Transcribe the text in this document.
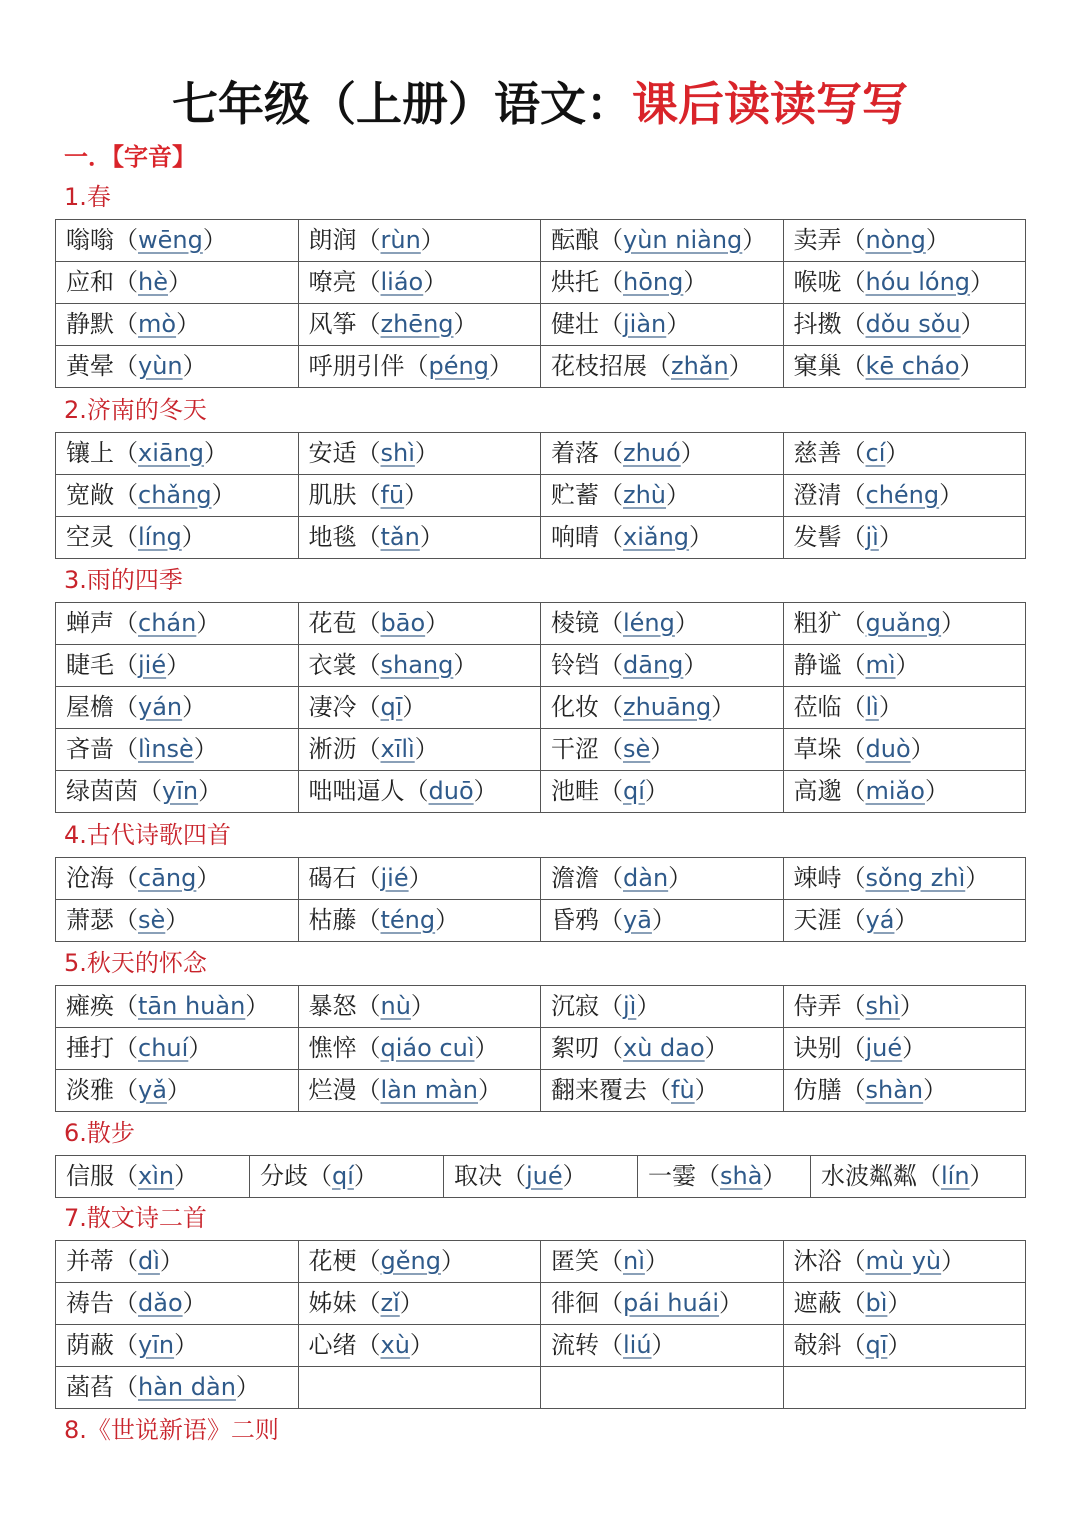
七年级（上册）语文：课后读读写写
一．【字音】
1.春
嗡嗡（wēng）	朗润（rùn）	酝酿（yùn niàng）	卖弄（nòng）
应和（hè）	嘹亮（liáo）	烘托（hōng）	喉咙（hóu lóng）
静默（mò）	风筝（zhēng）	健壮（jiàn）	抖擞（dǒu sǒu）
黄晕（yùn）	呼朋引伴（péng）	花枝招展（zhǎn）	窠巢（kē cháo）
2.济南的冬天
镶上（xiāng）	安适（shì）	着落（zhuó）	慈善（cí）
宽敞（chǎng）	肌肤（fū）	贮蓄（zhù）	澄清（chéng）
空灵（líng）	地毯（tǎn）	响晴（xiǎng）	发髻（jì）
3.雨的四季
蝉声（chán）	花苞（bāo）	棱镜（léng）	粗犷（guǎng）
睫毛（jié）	衣裳（shang）	铃铛（dāng）	静谧（mì）
屋檐（yán）	凄冷（qī）	化妆（zhuāng）	莅临（lì）
吝啬（lìnsè）	淅沥（xīlì）	干涩（sè）	草垛（duò）
绿茵茵（yīn）	咄咄逼人（duō）	池畦（qí）	高邈（miǎo）
4.古代诗歌四首
沧海（cāng）	碣石（jié）	澹澹（dàn）	竦峙（sǒng zhì）
萧瑟（sè）	枯藤（téng）	昏鸦（yā）	天涯（yá）
5.秋天的怀念
瘫痪（tān huàn）	暴怒（nù）	沉寂（jì）	侍弄（shì）
捶打（chuí）	憔悴（qiáo cuì）	絮叨（xù dao）	诀别（jué）
淡雅（yǎ）	烂漫（làn màn）	翻来覆去（fù）	仿膳（shàn）
6.散步
信服（xìn）	分歧（qí）	取决（jué）	一霎（shà）	水波粼粼（lín）
7.散文诗二首
并蒂（dì）	花梗（gěng）	匿笑（nì）	沐浴（mù yù）
祷告（dǎo）	姊妹（zǐ）	徘徊（pái huái）	遮蔽（bì）
荫蔽（yīn）	心绪（xù）	流转（liú）	攲斜（qī）
菡萏（hàn dàn）			
8.《世说新语》二则
